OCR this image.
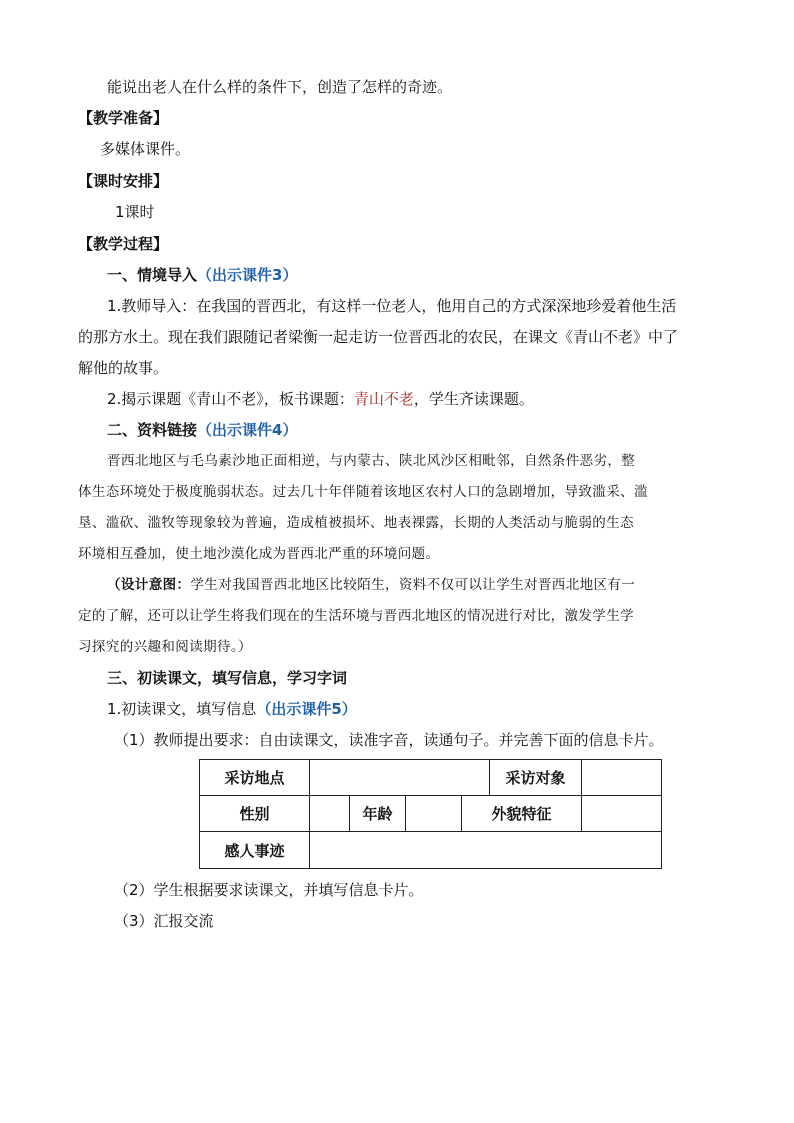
能说出老人在什么样的条件下，创造了怎样的奇迹。
【教学准备】
多媒体课件。
【课时安排】
1课时
【教学过程】
一、情境导入（出示课件3）
1.教师导入：在我国的晋西北，有这样一位老人，他用自己的方式深深地珍爱着他生活
的那方水土。现在我们跟随记者梁衡一起走访一位晋西北的农民，在课文《青山不老》中了
解他的故事。
2.揭示课题《青山不老》，板书课题：青山不老，学生齐读课题。
二、资料链接（出示课件4）
晋西北地区与毛乌素沙地正面相逆，与内蒙古、陕北风沙区相毗邻，自然条件恶劣，整
体生态环境处于极度脆弱状态。过去几十年伴随着该地区农村人口的急剧增加，导致滥采、滥
垦、滥砍、滥牧等现象较为普遍，造成植被损坏、地表裸露，长期的人类活动与脆弱的生态
环境相互叠加，使土地沙漠化成为晋西北严重的环境问题。
（设计意图：学生对我国晋西北地区比较陌生，资料不仅可以让学生对晋西北地区有一
定的了解，还可以让学生将我们现在的生活环境与晋西北地区的情况进行对比，激发学生学
习探究的兴趣和阅读期待。）
三、初读课文，填写信息，学习字词
1.初读课文，填写信息（出示课件5）
（1）教师提出要求：自由读课文，读准字音，读通句子。并完善下面的信息卡片。
采访地点					采访对象	
性别		年龄		外貌特征		
感人事迹						
（2）学生根据要求读课文，并填写信息卡片。
（3）汇报交流
